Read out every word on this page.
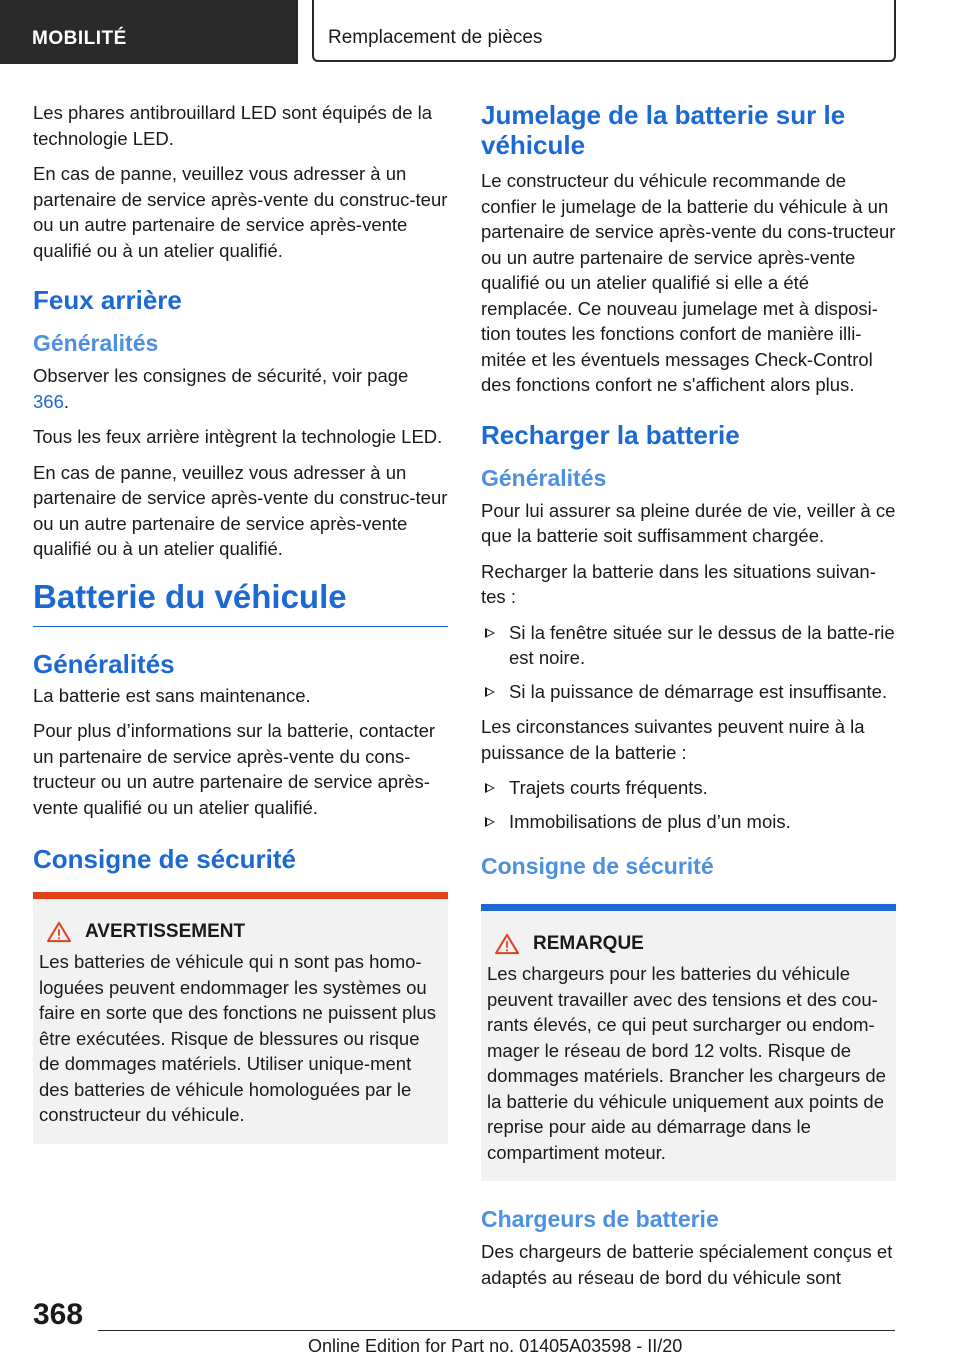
MOBILITÉ	Remplacement de pièces

Les phares antibrouillard LED sont équipés de la technologie LED.

En cas de panne, veuillez vous adresser à un partenaire de service après-vente du construc-teur ou un autre partenaire de service après-vente qualifié ou à un atelier qualifié.

Feux arrière
Généralités

Observer les consignes de sécurité, voir page 366.

Tous les feux arrière intègrent la technologie LED.

En cas de panne, veuillez vous adresser à un partenaire de service après-vente du construc-teur ou un autre partenaire de service après-vente qualifié ou à un atelier qualifié.

Batterie du véhicule
Généralités

La batterie est sans maintenance.

Pour plus d’informations sur la batterie, contacter un partenaire de service après-vente du cons-tructeur ou un autre partenaire de service après-vente qualifié ou un atelier qualifié.

Consigne de sécurité
AVERTISSEMENT

Les batteries de véhicule qui n sont pas homo-loguées peuvent endommager les systèmes ou faire en sorte que des fonctions ne puissent plus être exécutées. Risque de blessures ou risque de dommages matériels. Utiliser unique-ment des batteries de véhicule homologuées par le constructeur du véhicule.

Jumelage de la batterie sur le véhicule

Le constructeur du véhicule recommande de confier le jumelage de la batterie du véhicule à un partenaire de service après-vente du cons-tructeur ou un autre partenaire de service après-vente qualifié ou un atelier qualifié si elle a été remplacée. Ce nouveau jumelage met à disposi-tion toutes les fonctions confort de manière illi-mitée et les éventuels messages Check-Control des fonctions confort ne s'affichent alors plus.

Recharger la batterie
Généralités

Pour lui assurer sa pleine durée de vie, veiller à ce que la batterie soit suffisamment chargée.

Recharger la batterie dans les situations suivan-tes :

Si la fenêtre située sur le dessus de la batte-rie est noire.
Si la puissance de démarrage est insuffisante.

Les circonstances suivantes peuvent nuire à la puissance de la batterie :

Trajets courts fréquents.
Immobilisations de plus d’un mois.
Consigne de sécurité
REMARQUE

Les chargeurs pour les batteries du véhicule peuvent travailler avec des tensions et des cou-rants élevés, ce qui peut surcharger ou endom-mager le réseau de bord 12 volts. Risque de dommages matériels. Brancher les chargeurs de la batterie du véhicule uniquement aux points de reprise pour aide au démarrage dans le compartiment moteur.

Chargeurs de batterie

Des chargeurs de batterie spécialement conçus et adaptés au réseau de bord du véhicule sont

368
Online Edition for Part no. 01405A03598 - II/20
